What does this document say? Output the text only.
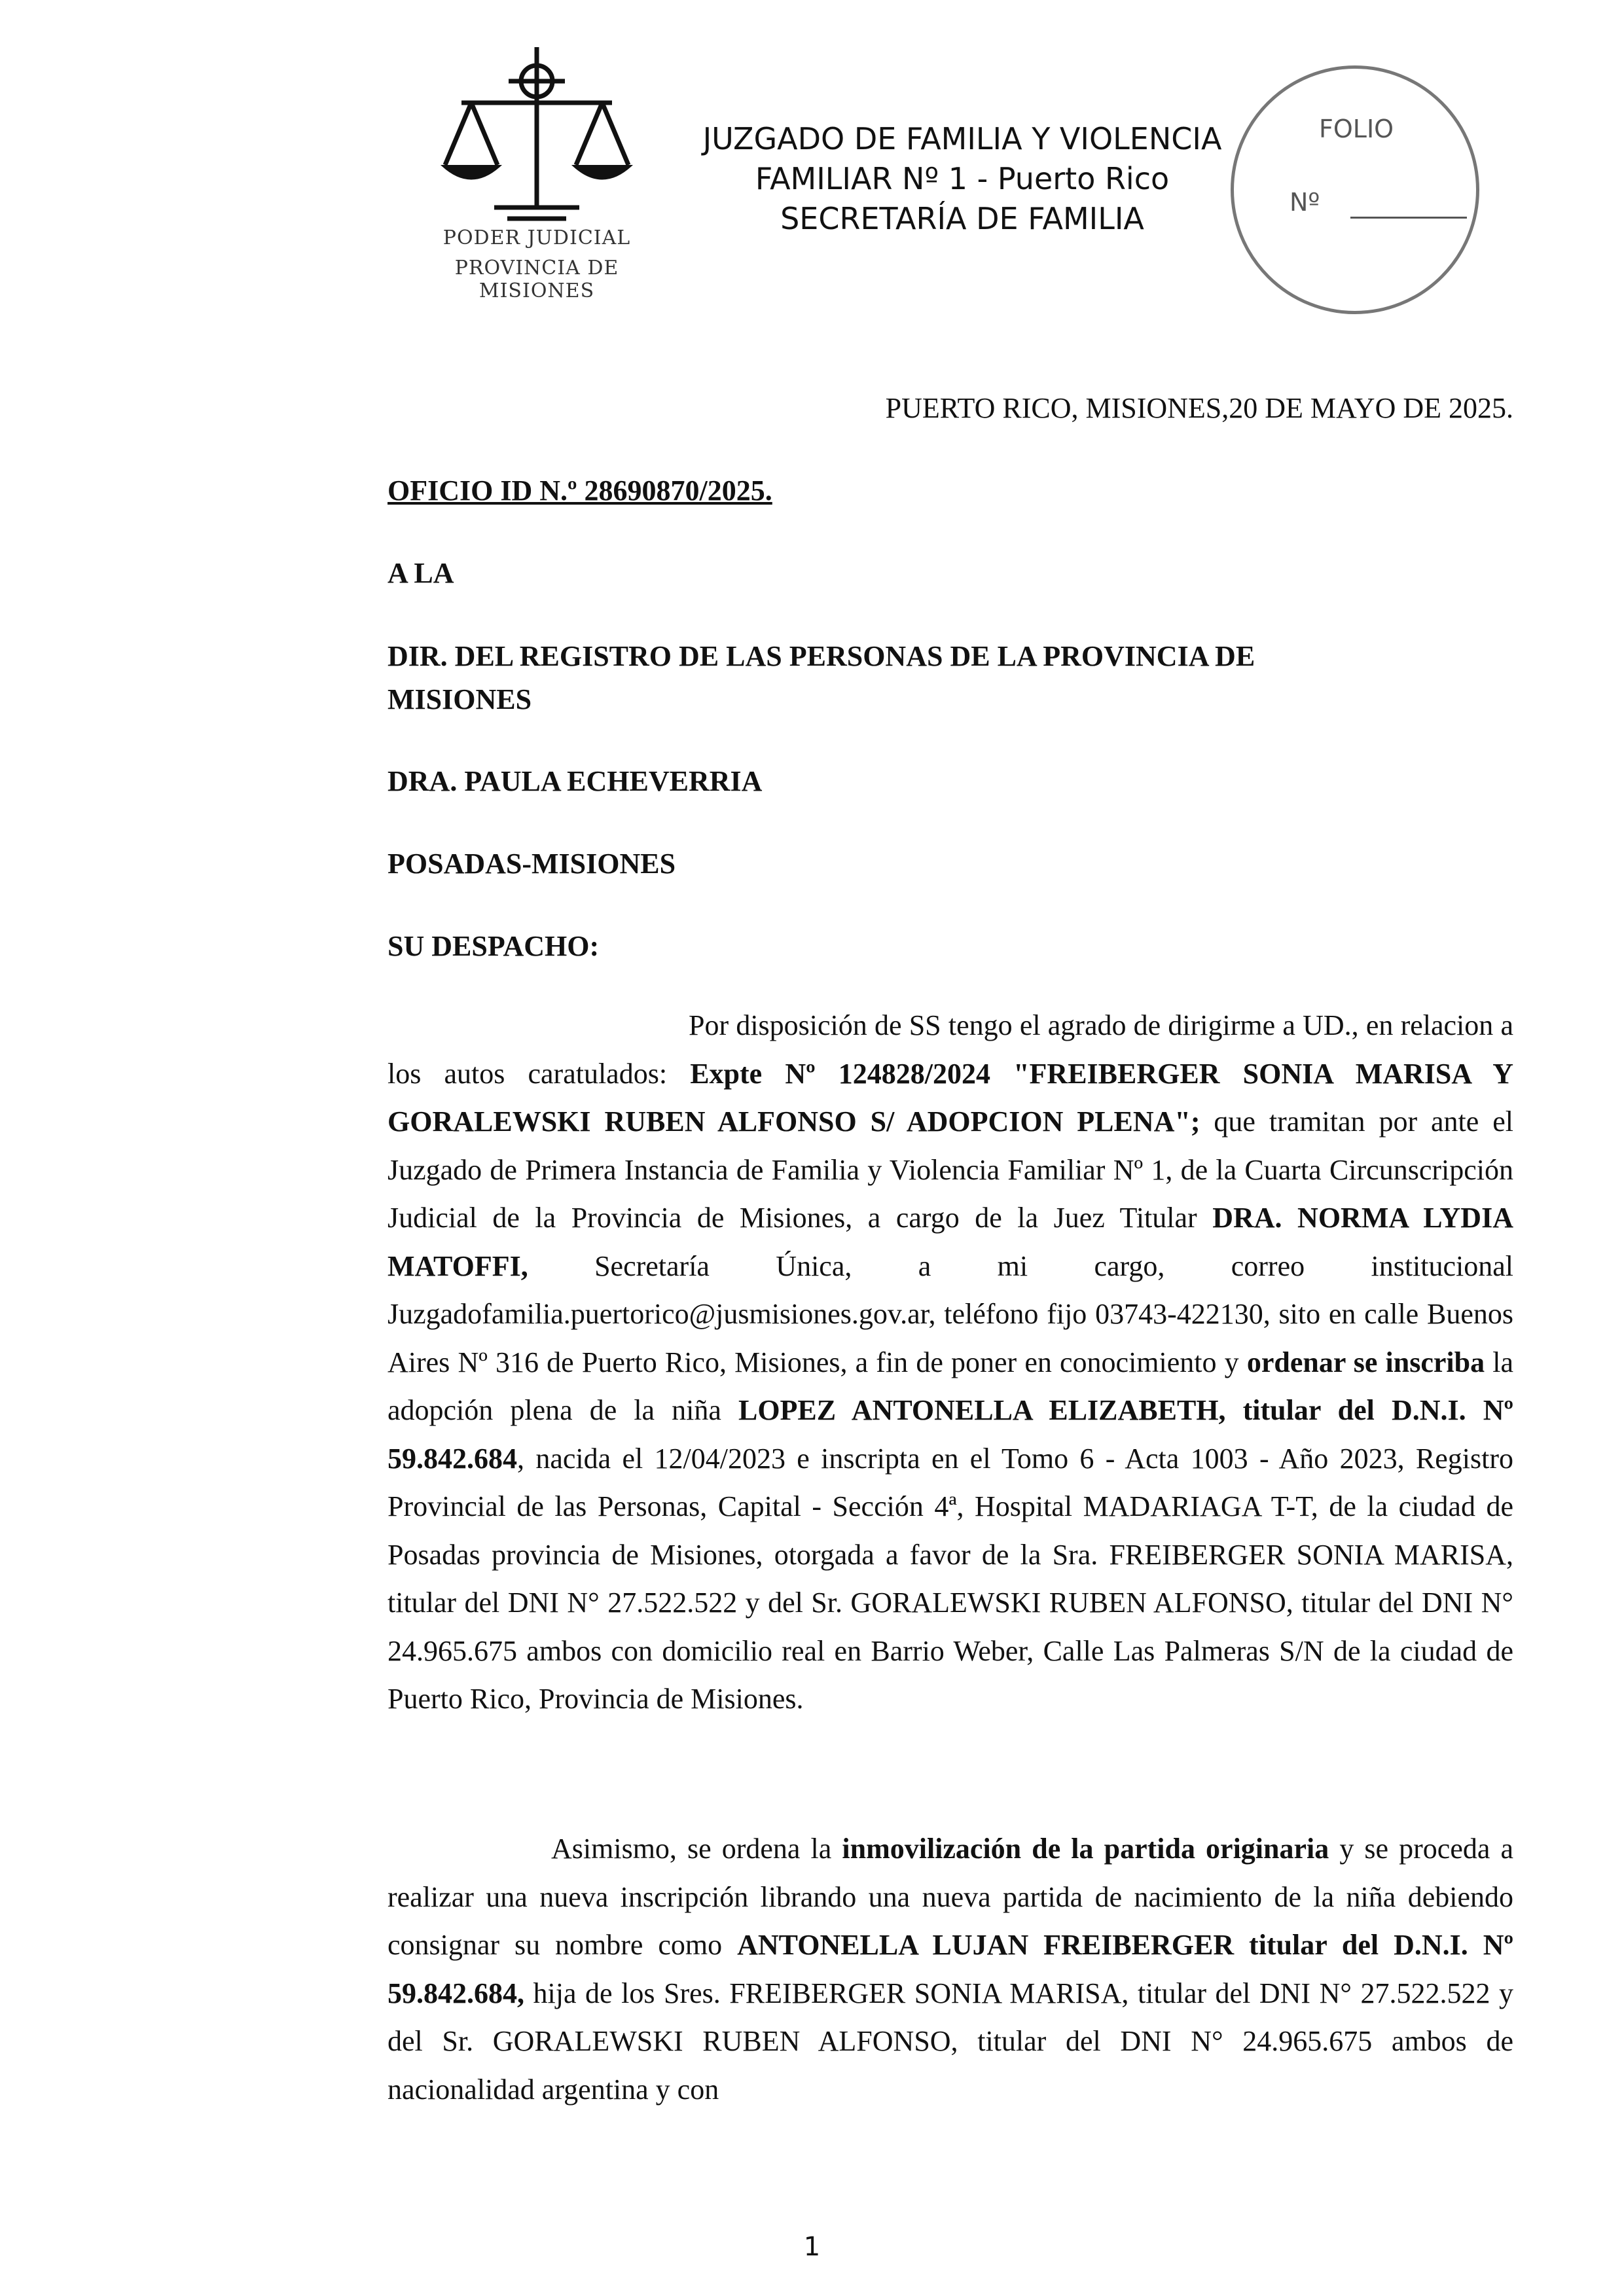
PODER JUDICIAL
PROVINCIA DE MISIONES
JUZGADO DE FAMILIA Y VIOLENCIA
FAMILIAR Nº 1 - Puerto Rico
SECRETARÍA DE FAMILIA
FOLIO
Nº
PUERTO RICO, MISIONES,20 DE MAYO DE 2025.
OFICIO ID N.º 28690870/2025.
A LA
DIR. DEL REGISTRO DE LAS PERSONAS DE LA PROVINCIA DE
MISIONES
DRA. PAULA ECHEVERRIA
POSADAS-MISIONES
SU DESPACHO:

Por disposición de SS tengo el agrado de dirigirme a UD., en relacion a los autos caratulados: Expte Nº 124828/2024 "FREIBERGER SONIA MARISA Y GORALEWSKI RUBEN ALFONSO S/ ADOPCION PLENA"; que tramitan por ante el Juzgado de Primera Instancia de Familia y Violencia Familiar Nº 1, de la Cuarta Circunscripción Judicial de la Provincia de Misiones, a cargo de la Juez Titular DRA. NORMA LYDIA MATOFFI, Secretaría Única, a mi cargo, correo institucional Juzgadofamilia.puertorico@jusmisiones.gov.ar, teléfono fijo 03743-422130, sito en calle Buenos Aires Nº 316 de Puerto Rico, Misiones, a fin de poner en conocimiento y ordenar se inscriba la adopción plena de la niña LOPEZ ANTONELLA ELIZABETH, titular del D.N.I. Nº 59.842.684, nacida el 12/04/2023 e inscripta en el Tomo 6 - Acta 1003 - Año 2023, Registro Provincial de las Personas, Capital - Sección 4ª, Hospital MADARIAGA T-T, de la ciudad de Posadas provincia de Misiones, otorgada a favor de la Sra. FREIBERGER SONIA MARISA, titular del DNI N° 27.522.522 y del Sr. GORALEWSKI RUBEN ALFONSO, titular del DNI N° 24.965.675 ambos con domicilio real en Barrio Weber, Calle Las Palmeras S/N de la ciudad de Puerto Rico, Provincia de Misiones.

Asimismo, se ordena la inmovilización de la partida originaria y se proceda a realizar una nueva inscripción librando una nueva partida de nacimiento de la niña debiendo consignar su nombre como ANTONELLA LUJAN FREIBERGER titular del D.N.I. Nº 59.842.684, hija de los Sres. FREIBERGER SONIA MARISA, titular del DNI N° 27.522.522 y del Sr. GORALEWSKI RUBEN ALFONSO, titular del DNI N° 24.965.675 ambos de nacionalidad argentina y con

1
